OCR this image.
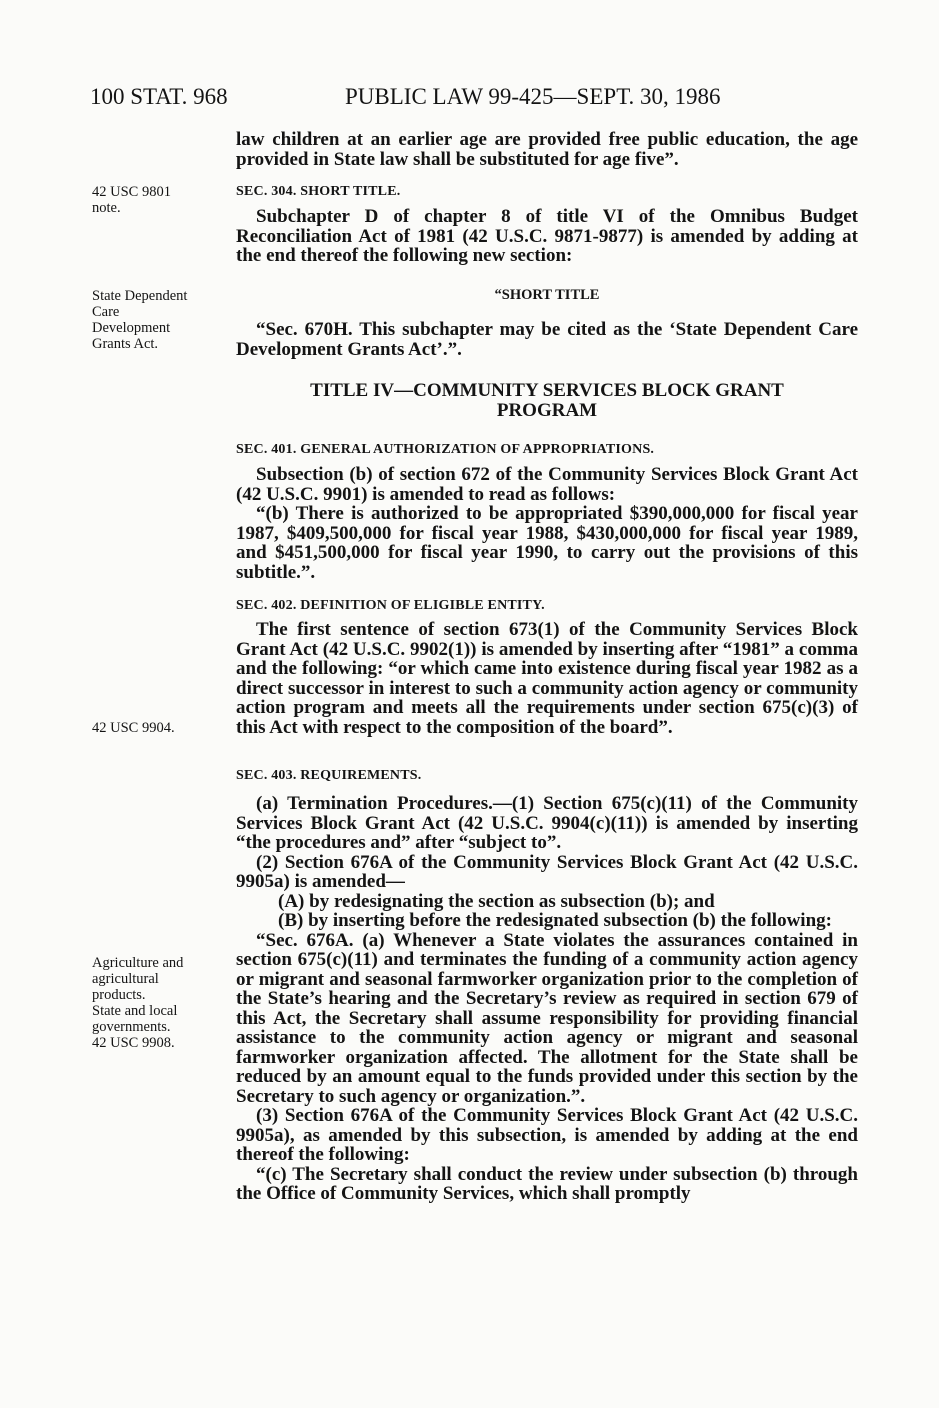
100 STAT. 968	PUBLIC LAW 99-425—SEPT. 30, 1986
42 USC 9801
note.
State Dependent
Care
Development
Grants Act.
42 USC 9904.
Agriculture and
agricultural
products.
State and local
governments.
42 USC 9908.

law children at an earlier age are provided free public education, the age provided in State law shall be substituted for age five”.

SEC. 304. SHORT TITLE.

Subchapter D of chapter 8 of title VI of the Omnibus Budget Reconciliation Act of 1981 (42 U.S.C. 9871-9877) is amended by adding at the end thereof the following new section:

“SHORT TITLE

“Sec. 670H. This subchapter may be cited as the ‘State Dependent Care Development Grants Act’.”.

TITLE IV—COMMUNITY SERVICES BLOCK GRANT
PROGRAM
SEC. 401. GENERAL AUTHORIZATION OF APPROPRIATIONS.

Subsection (b) of section 672 of the Community Services Block Grant Act (42 U.S.C. 9901) is amended to read as follows:

“(b) There is authorized to be appropriated $390,000,000 for fiscal year 1987, $409,500,000 for fiscal year 1988, $430,000,000 for fiscal year 1989, and $451,500,000 for fiscal year 1990, to carry out the provisions of this subtitle.”.

SEC. 402. DEFINITION OF ELIGIBLE ENTITY.

The first sentence of section 673(1) of the Community Services Block Grant Act (42 U.S.C. 9902(1)) is amended by inserting after “1981” a comma and the following: “or which came into existence during fiscal year 1982 as a direct successor in interest to such a community action agency or community action program and meets all the requirements under section 675(c)(3) of this Act with respect to the composition of the board”.

SEC. 403. REQUIREMENTS.

(a) Termination Procedures.—(1) Section 675(c)(11) of the Community Services Block Grant Act (42 U.S.C. 9904(c)(11)) is amended by inserting “the procedures and” after “subject to”.

(2) Section 676A of the Community Services Block Grant Act (42 U.S.C. 9905a) is amended—

(A) by redesignating the section as subsection (b); and

(B) by inserting before the redesignated subsection (b) the following:

“Sec. 676A. (a) Whenever a State violates the assurances contained in section 675(c)(11) and terminates the funding of a community action agency or migrant and seasonal farmworker organization prior to the completion of the State’s hearing and the Secretary’s review as required in section 679 of this Act, the Secretary shall assume responsibility for providing financial assistance to the community action agency or migrant and seasonal farmworker organization affected. The allotment for the State shall be reduced by an amount equal to the funds provided under this section by the Secretary to such agency or organization.”.

(3) Section 676A of the Community Services Block Grant Act (42 U.S.C. 9905a), as amended by this subsection, is amended by adding at the end thereof the following:

“(c) The Secretary shall conduct the review under subsection (b) through the Office of Community Services, which shall promptly
